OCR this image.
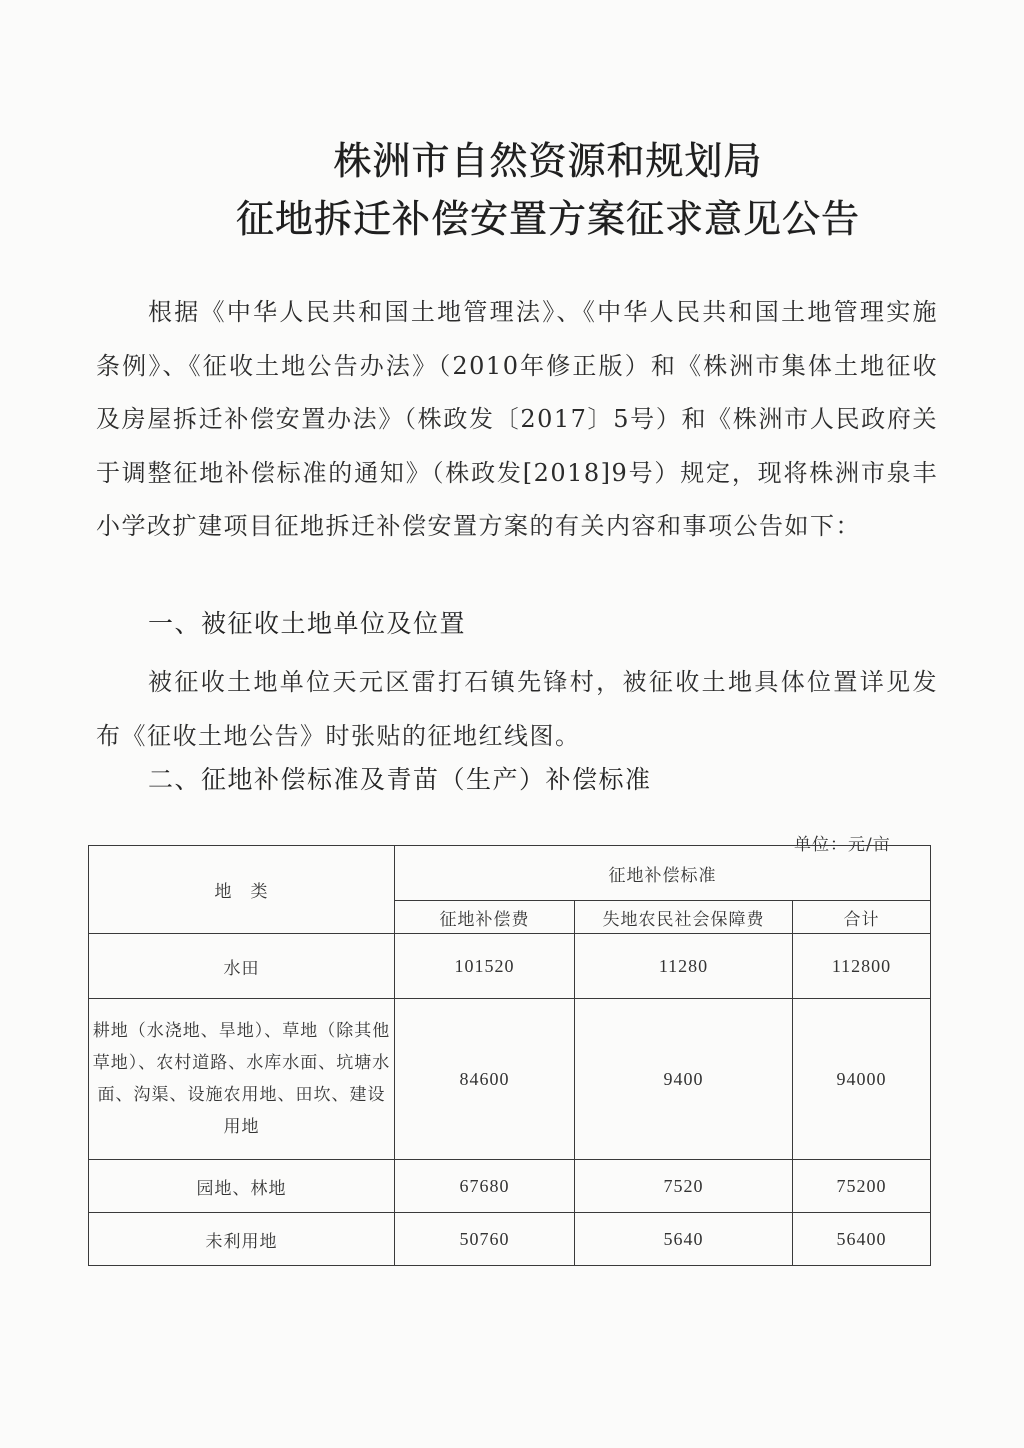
株洲市自然资源和规划局
征地拆迁补偿安置方案征求意见公告
根据《中华人民共和国土地管理法》、《中华人民共和国土地管理实施条例》、《征收土地公告办法》（2010年修正版）和《株洲市集体土地征收及房屋拆迁补偿安置办法》（株政发〔2017〕5号）和《株洲市人民政府关于调整征地补偿标准的通知》（株政发[2018]9号）规定，现将株洲市泉丰小学改扩建项目征地拆迁补偿安置方案的有关内容和事项公告如下：
一、被征收土地单位及位置
被征收土地单位天元区雷打石镇先锋村，被征收土地具体位置详见发布《征收土地公告》时张贴的征地红线图。
二、征地补偿标准及青苗（生产）补偿标准
单位：元/亩
地　类	征地补偿标准		
	征地补偿费	失地农民社会保障费	合计
水田	101520	11280	112800
耕地（水浇地、旱地）、草地（除其他草地）、农村道路、水库水面、坑塘水面、沟渠、设施农用地、田坎、建设用地	84600	9400	94000
园地、林地	67680	7520	75200
未利用地	50760	5640	56400
